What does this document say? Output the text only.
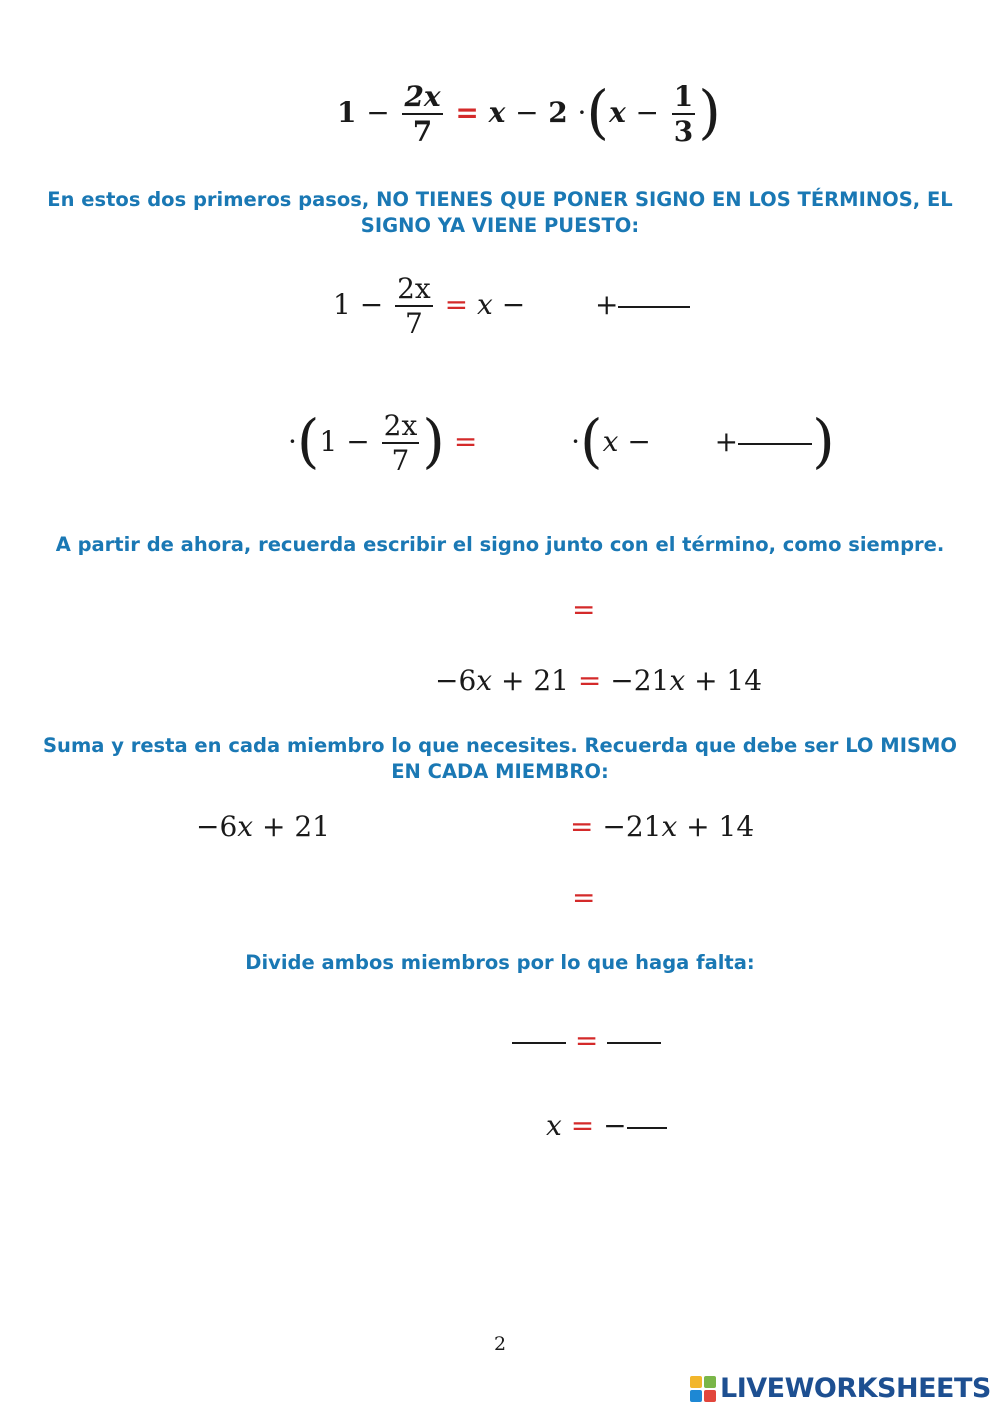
$1 - \frac{2x}{7} = x - 2 \cdot(x - \frac{1}{3}$ )
En estos dos primeros pasos, NO TIENES QUE PONER SIGNO EN LOS TÉRMINOS, EL SIGNO YA VIENE PUESTO:
$1 - \frac{2x}{7} = x$ − +
$\cdot(1 - \frac{2x}{7}$ ) =	·(x − + )
A partir de ahora, recuerda escribir el signo junto con el término, como siempre.
=
−6x + 21 = −21x + 14
Suma y resta en cada miembro lo que necesites. Recuerda que debe ser LO MISMO EN CADA MIEMBRO:
−6x + 21	= −21x + 14
=
Divide ambos miembros por lo que haga falta:
=
x = −
2
LIVEWORKSHEETS
